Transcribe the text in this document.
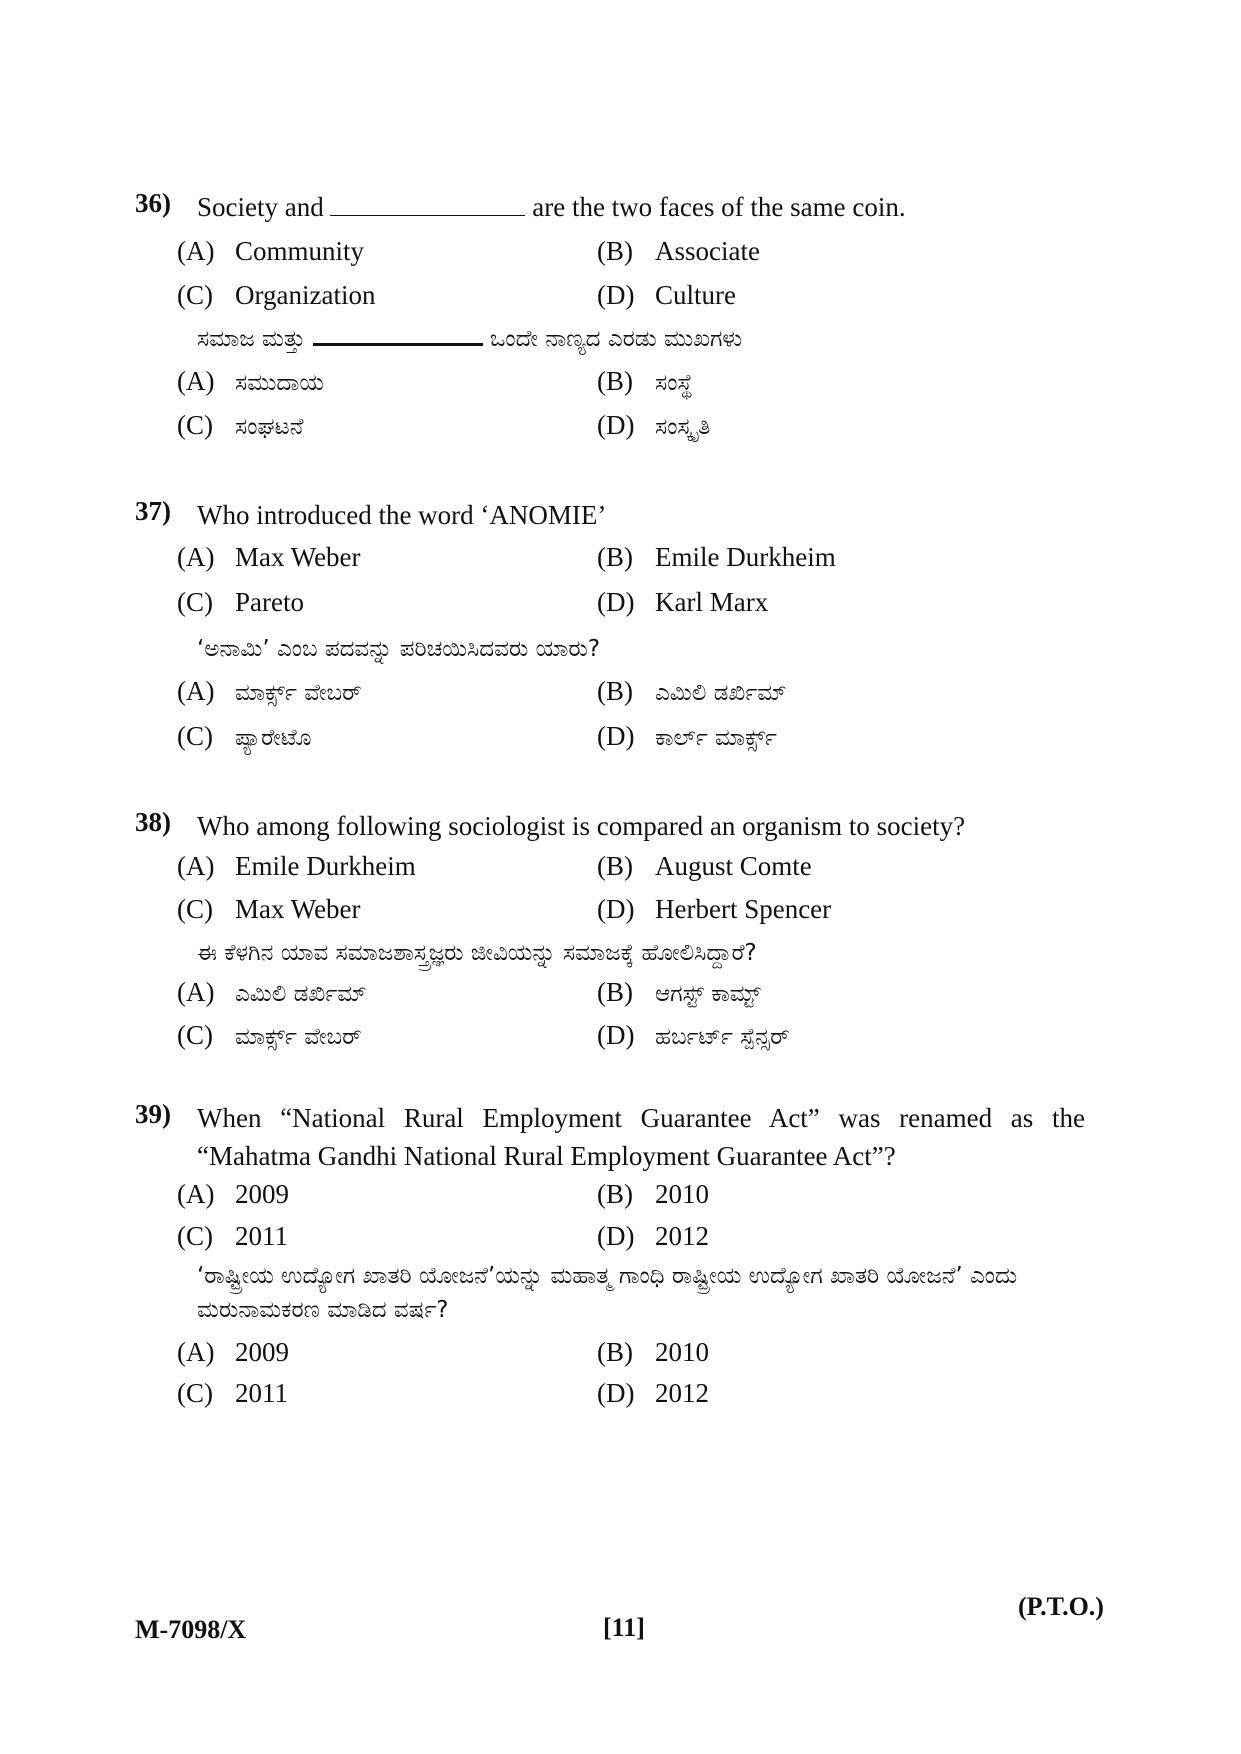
36) Society and	are the two faces of the same coin.
(A) Community	(B) Associate
(C) Organization	(D) Culture
ಸಮಾಜ ಮತ್ತು	ಒಂದೇ ನಾಣ್ಯದ ಎರಡು ಮುಖಗಳು
(A) ಸಮುದಾಯ	(B) ಸಂಸ್ಥೆ
(C) ಸಂಘಟನೆ	(D) ಸಂಸ್ಕೃತಿ
37) Who introduced the word ‘ANOMIE’
(A) Max Weber	(B) Emile Durkheim
(C) Pareto	(D) Karl Marx
‘ಅನಾಮಿ’ ಎಂಬ ಪದವನ್ನು ಪರಿಚಯಿಸಿದವರು ಯಾರು?
(A) ಮಾರ್ಕ್ಸ್ ವೇಬರ್	(B) ಎಮಿಲಿ ಡರ್ಖಿಮ್
(C) ಪ್ಯಾರೇಟೊ	(D) ಕಾರ್ಲ್ ಮಾರ್ಕ್ಸ್
38) Who among following sociologist is compared an organism to society?
(A) Emile Durkheim	(B) August Comte
(C) Max Weber	(D) Herbert Spencer
ಈ ಕೆಳಗಿನ ಯಾವ ಸಮಾಜಶಾಸ್ತ್ರಜ್ಞರು ಜೀವಿಯನ್ನು ಸಮಾಜಕ್ಕೆ ಹೋಲಿಸಿದ್ದಾರೆ?
(A) ಎಮಿಲಿ ಡರ್ಖಿಮ್	(B) ಆಗಸ್ಟ್ ಕಾಮ್ಟ್
(C) ಮಾರ್ಕ್ಸ್ ವೇಬರ್	(D) ಹರ್ಬರ್ಟ್ ಸ್ಪೆನ್ಸರ್
39) When “National Rural Employment Guarantee Act” was renamed as the “Mahatma Gandhi National Rural Employment Guarantee Act”?
(A) 2009	(B) 2010
(C) 2011	(D) 2012
‘ರಾಷ್ಟ್ರೀಯ ಉದ್ಯೋಗ ಖಾತರಿ ಯೋಜನೆ’ಯನ್ನು ಮಹಾತ್ಮ ಗಾಂಧಿ ರಾಷ್ಟ್ರೀಯ ಉದ್ಯೋಗ ಖಾತರಿ ಯೋಜನೆ’ ಎಂದು ಮರುನಾಮಕರಣ ಮಾಡಿದ ವರ್ಷ?
(A) 2009	(B) 2010
(C) 2011	(D) 2012
M-7098/X	[11]
(P.T.O.)
